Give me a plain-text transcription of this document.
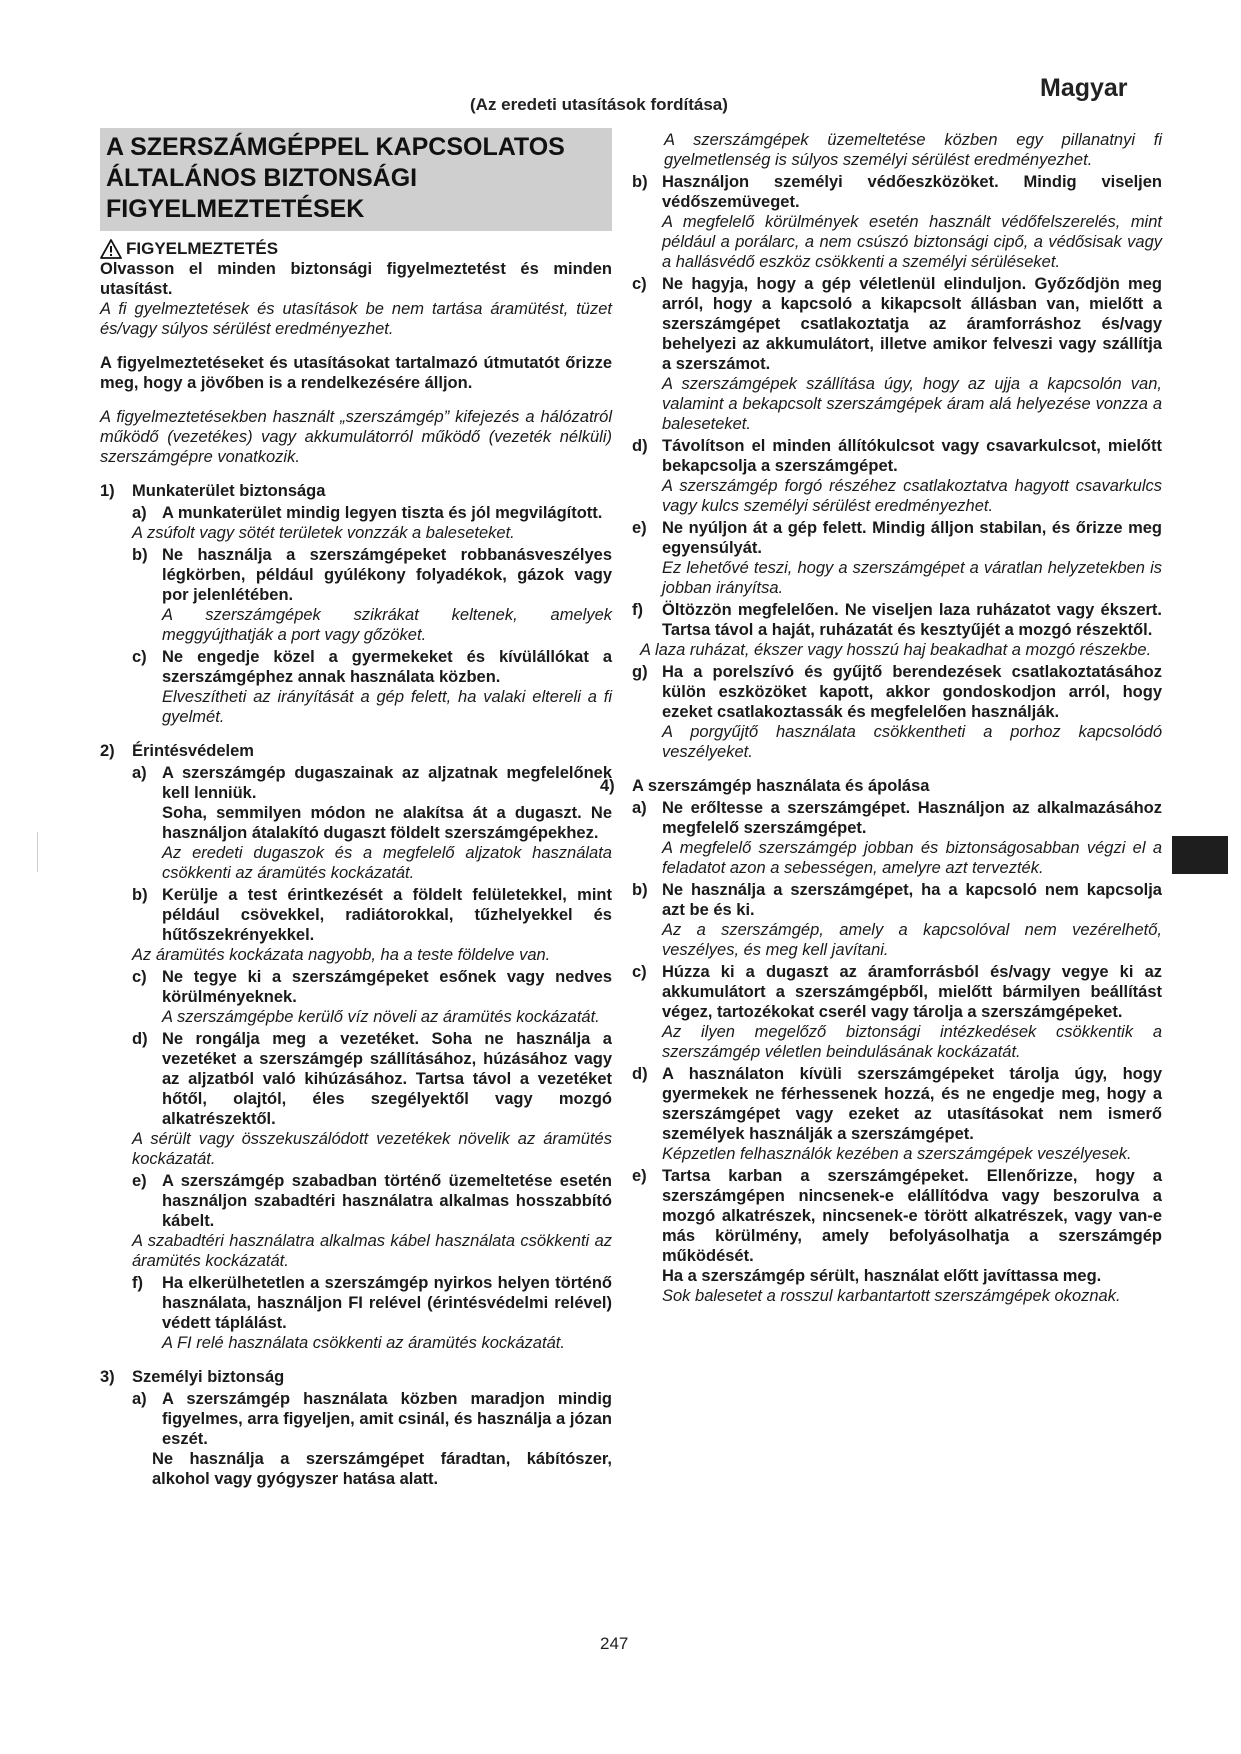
Magyar
(Az eredeti utasítások fordítása)
A SZERSZÁMGÉPPEL KAPCSOLATOS ÁLTALÁNOS BIZTONSÁGI FIGYELMEZTETÉSEK
FIGYELMEZTETÉS

Olvasson el minden biztonsági figyelmeztetést és minden utasítást.

A fi gyelmeztetések és utasítások be nem tartása áramütést, tüzet és/vagy súlyos sérülést eredményezhet.

A figyelmeztetéseket és utasításokat tartalmazó útmutatót őrizze meg, hogy a jövőben is a rendelkezésére álljon.

A figyelmeztetésekben használt „szerszámgép” kifejezés a hálózatról működő (vezetékes) vagy akkumulátorról működő (vezeték nélküli) szerszámgépre vonatkozik.

1)	Munkaterület biztonsága
a) A munkaterület mindig legyen tiszta és jól megvilágított.

A zsúfolt vagy sötét területek vonzzák a baleseteket.

b) Ne használja a szerszámgépeket robbanásveszélyes légkörben, például gyúlékony folyadékok, gázok vagy por jelenlétében.

A szerszámgépek szikrákat keltenek, amelyek meggyújthatják a port vagy gőzöket.

c) Ne engedje közel a gyermekeket és kívülállókat a szerszámgéphez annak használata közben.

Elveszítheti az irányítását a gép felett, ha valaki eltereli a fi gyelmét.

2)	Érintésvédelem
a) A szerszámgép dugaszainak az aljzatnak megfelelőnek kell lenniük.

Soha, semmilyen módon ne alakítsa át a dugaszt. Ne használjon átalakító dugaszt földelt szerszámgépekhez.

Az eredeti dugaszok és a megfelelő aljzatok használata csökkenti az áramütés kockázatát.

b) Kerülje a test érintkezését a földelt felületekkel, mint például csövekkel, radiátorokkal, tűzhelyekkel és hűtőszekrényekkel.

Az áramütés kockázata nagyobb, ha a teste földelve van.

c) Ne tegye ki a szerszámgépeket esőnek vagy nedves körülményeknek.

A szerszámgépbe kerülő víz növeli az áramütés kockázatát.

d) Ne rongálja meg a vezetéket. Soha ne használja a vezetéket a szerszámgép szállításához, húzásához vagy az aljzatból való kihúzásához. Tartsa távol a vezetéket hőtől, olajtól, éles szegélyektől vagy mozgó alkatrészektől.

A sérült vagy összekuszálódott vezetékek növelik az áramütés kockázatát.

e) A szerszámgép szabadban történő üzemeltetése esetén használjon szabadtéri használatra alkalmas hosszabbító kábelt.

A szabadtéri használatra alkalmas kábel használata csökkenti az áramütés kockázatát.

f)	Ha elkerülhetetlen a szerszámgép nyirkos helyen történő használata, használjon FI relével (érintésvédelmi relével) védett táplálást.

A FI relé használata csökkenti az áramütés kockázatát.

3)	Személyi biztonság
a) A szerszámgép használata közben maradjon mindig figyelmes, arra figyeljen, amit csinál, és használja a józan eszét.

Ne használja a szerszámgépet fáradtan, kábítószer, alkohol vagy gyógyszer hatása alatt.

A szerszámgépek üzemeltetése közben egy pillanatnyi fi gyelmetlenség is súlyos személyi sérülést eredményezhet.

b) Használjon személyi védőeszközöket. Mindig viseljen védőszemüveget.

A megfelelő körülmények esetén használt védőfelszerelés, mint például a porálarc, a nem csúszó biztonsági cipő, a védősisak vagy a hallásvédő eszköz csökkenti a személyi sérüléseket.

c) Ne hagyja, hogy a gép véletlenül elinduljon. Győződjön meg arról, hogy a kapcsoló a kikapcsolt állásban van, mielőtt a szerszámgépet csatlakoztatja az áramforráshoz és/vagy behelyezi az akkumulátort, illetve amikor felveszi vagy szállítja a szerszámot.

A szerszámgépek szállítása úgy, hogy az ujja a kapcsolón van, valamint a bekapcsolt szerszámgépek áram alá helyezése vonzza a baleseteket.

d) Távolítson el minden állítókulcsot vagy csavarkulcsot, mielőtt bekapcsolja a szerszámgépet.

A szerszámgép forgó részéhez csatlakoztatva hagyott csavarkulcs vagy kulcs személyi sérülést eredményezhet.

e) Ne nyúljon át a gép felett. Mindig álljon stabilan, és őrizze meg egyensúlyát.

Ez lehetővé teszi, hogy a szerszámgépet a váratlan helyzetekben is jobban irányítsa.

f)	Öltözzön megfelelően. Ne viseljen laza ruházatot vagy ékszert. Tartsa távol a haját, ruházatát és kesztyűjét a mozgó részektől.

A laza ruházat, ékszer vagy hosszú haj beakadhat a mozgó részekbe.

g) Ha a porelszívó és gyűjtő berendezések csatlakoztatásához külön eszközöket kapott, akkor gondoskodjon arról, hogy ezeket csatlakoztassák és megfelelően használják.

A porgyűjtő használata csökkentheti a porhoz kapcsolódó veszélyeket.

4)	A szerszámgép használata és ápolása
a) Ne erőltesse a szerszámgépet. Használjon az alkalmazásához megfelelő szerszámgépet.

A megfelelő szerszámgép jobban és biztonságosabban végzi el a feladatot azon a sebességen, amelyre azt tervezték.

b) Ne használja a szerszámgépet, ha a kapcsoló nem kapcsolja azt be és ki.

Az a szerszámgép, amely a kapcsolóval nem vezérelhető, veszélyes, és meg kell javítani.

c) Húzza ki a dugaszt az áramforrásból és/vagy vegye ki az akkumulátort a szerszámgépből, mielőtt bármilyen beállítást végez, tartozékokat cserél vagy tárolja a szerszámgépeket.

Az ilyen megelőző biztonsági intézkedések csökkentik a szerszámgép véletlen beindulásának kockázatát.

d) A használaton kívüli szerszámgépeket tárolja úgy, hogy gyermekek ne férhessenek hozzá, és ne engedje meg, hogy a szerszámgépet vagy ezeket az utasításokat nem ismerő személyek használják a szerszámgépet.

Képzetlen felhasználók kezében a szerszámgépek veszélyesek.

e) Tartsa karban a szerszámgépeket. Ellenőrizze, hogy a szerszámgépen nincsenek-e elállítódva vagy beszorulva a mozgó alkatrészek, nincsenek-e törött alkatrészek, vagy van-e más körülmény, amely befolyásolhatja a szerszámgép működését.

Ha a szerszámgép sérült, használat előtt javíttassa meg.

Sok balesetet a rosszul karbantartott szerszámgépek okoznak.

247
